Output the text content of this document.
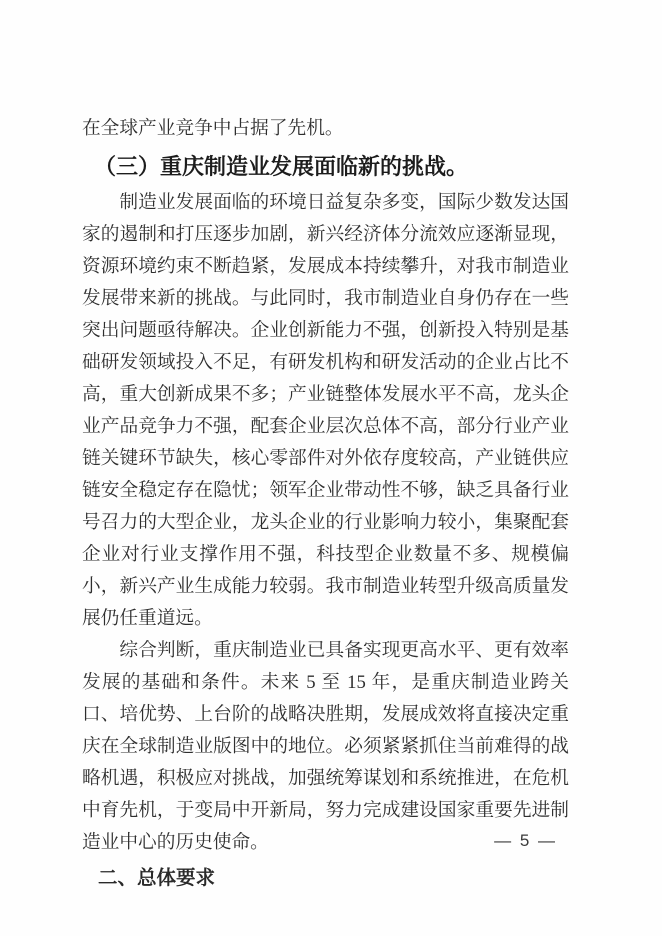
在全球产业竞争中占据了先机。

（三）重庆制造业发展面临新的挑战。

制造业发展面临的环境日益复杂多变，国际少数发达国家的遏制和打压逐步加剧，新兴经济体分流效应逐渐显现，资源环境约束不断趋紧，发展成本持续攀升，对我市制造业发展带来新的挑战。与此同时，我市制造业自身仍存在一些突出问题亟待解决。企业创新能力不强，创新投入特别是基础研发领域投入不足，有研发机构和研发活动的企业占比不高，重大创新成果不多；产业链整体发展水平不高，龙头企业产品竞争力不强，配套企业层次总体不高，部分行业产业链关键环节缺失，核心零部件对外依存度较高，产业链供应链安全稳定存在隐忧；领军企业带动性不够，缺乏具备行业号召力的大型企业，龙头企业的行业影响力较小，集聚配套企业对行业支撑作用不强，科技型企业数量不多、规模偏小，新兴产业生成能力较弱。我市制造业转型升级高质量发展仍任重道远。

综合判断，重庆制造业已具备实现更高水平、更有效率发展的基础和条件。未来 5 至 15 年，是重庆制造业跨关口、培优势、上台阶的战略决胜期，发展成效将直接决定重庆在全球制造业版图中的地位。必须紧紧抓住当前难得的战略机遇，积极应对挑战，加强统筹谋划和系统推进，在危机中育先机，于变局中开新局，努力完成建设国家重要先进制造业中心的历史使命。

二、总体要求
— 5 —
